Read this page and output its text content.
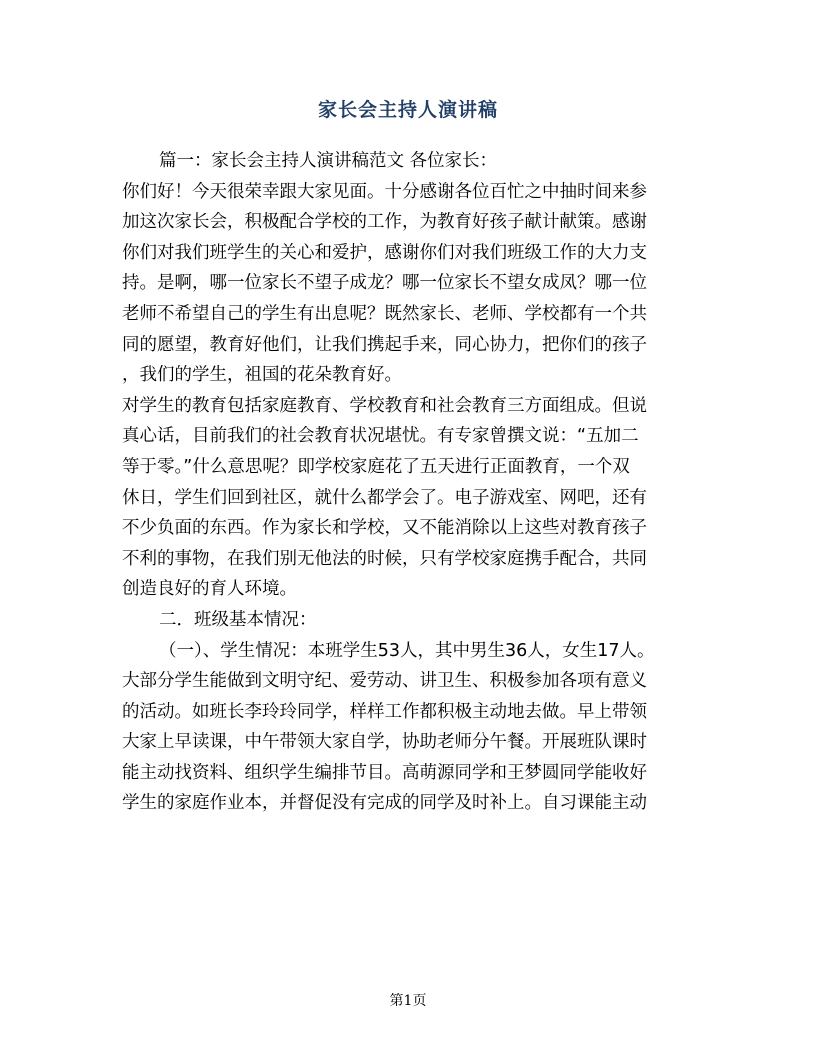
家长会主持人演讲稿
篇一：家长会主持人演讲稿范文 各位家长：
你们好！今天很荣幸跟大家见面。十分感谢各位百忙之中抽时间来参
加这次家长会，积极配合学校的工作，为教育好孩子献计献策。感谢
你们对我们班学生的关心和爱护，感谢你们对我们班级工作的大力支
持。是啊，哪一位家长不望子成龙？哪一位家长不望女成凤？哪一位
老师不希望自己的学生有出息呢？既然家长、老师、学校都有一个共
同的愿望，教育好他们，让我们携起手来，同心协力，把你们的孩子
，我们的学生，祖国的花朵教育好。
对学生的教育包括家庭教育、学校教育和社会教育三方面组成。但说
真心话，目前我们的社会教育状况堪忧。有专家曾撰文说：“五加二
等于零。”什么意思呢？即学校家庭花了五天进行正面教育，一个双
休日，学生们回到社区，就什么都学会了。电子游戏室、网吧，还有
不少负面的东西。作为家长和学校，又不能消除以上这些对教育孩子
不利的事物，在我们别无他法的时候，只有学校家庭携手配合，共同
创造良好的育人环境。
二．班级基本情况：
（一）、学生情况：本班学生53人，其中男生36人，女生17人。
大部分学生能做到文明守纪、爱劳动、讲卫生、积极参加各项有意义
的活动。如班长李玲玲同学，样样工作都积极主动地去做。早上带领
大家上早读课，中午带领大家自学，协助老师分午餐。开展班队课时
能主动找资料、组织学生编排节目。高萌源同学和王梦圆同学能收好
学生的家庭作业本，并督促没有完成的同学及时补上。自习课能主动
第1页
